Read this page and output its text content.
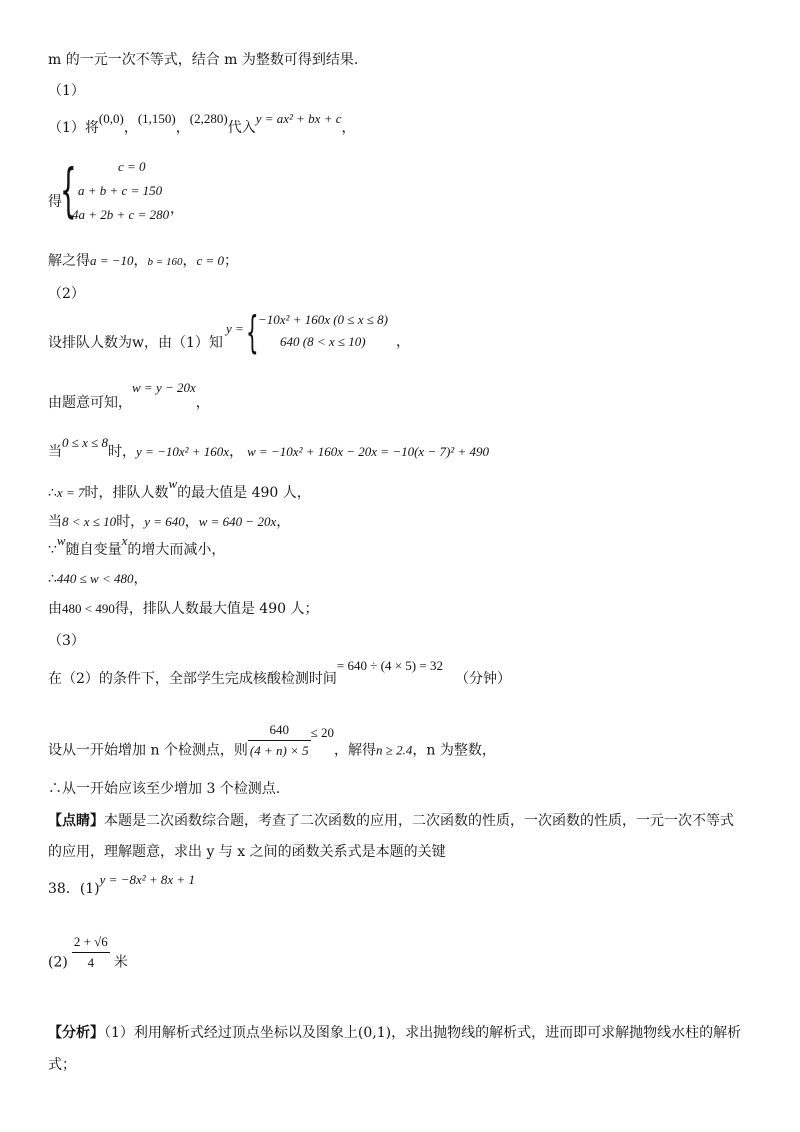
m 的一元一次不等式，结合 m 为整数可得到结果.
（1）
（1）将(0,0)，(1,150)，(2,280)代入y = ax² + bx + c，
得
{	c = 0
a + b + c = 150
4a + 2b + c = 280 ，
解之得a = −10，b = 160，c = 0；
（2）
设排队人数为w，由（1）知
y = { −10x² + 160x (0 ≤ x ≤ 8)
640 (8 < x ≤ 10) ，
由题意可知，w = y − 20x，
当0 ≤ x ≤ 8时，y = −10x² + 160x， w = −10x² + 160x − 20x = −10(x − 7)² + 490
∴x = 7时，排队人数w的最大值是 490 人，
当8 < x ≤ 10时，y = 640，w = 640 − 20x，
∵w随自变量x的增大而减小，
∴440 ≤ w < 480，
由480 < 490得，排队人数最大值是 490 人；
（3）
在（2）的条件下，全部学生完成核酸检测时间= 640 ÷ (4 × 5) = 32（分钟）
设从一开始增加 n 个检测点，则 $\frac{640}{(4 + n) \times 5} \le 20$，解得n ≥ 2.4，n 为整数，
∴从一开始应该至少增加 3 个检测点.
【点睛】本题是二次函数综合题，考查了二次函数的应用，二次函数的性质，一次函数的性质，一元一次不等式
的应用，理解题意，求出 y 与 x 之间的函数关系式是本题的关键
38．(1)y = −8x² + 8x + 1
$(2) \frac{2 + √6}{4}$ 米
【分析】（1）利用解析式经过顶点坐标以及图象上(0,1)，求出抛物线的解析式，进而即可求解抛物线水柱的解析
式；
